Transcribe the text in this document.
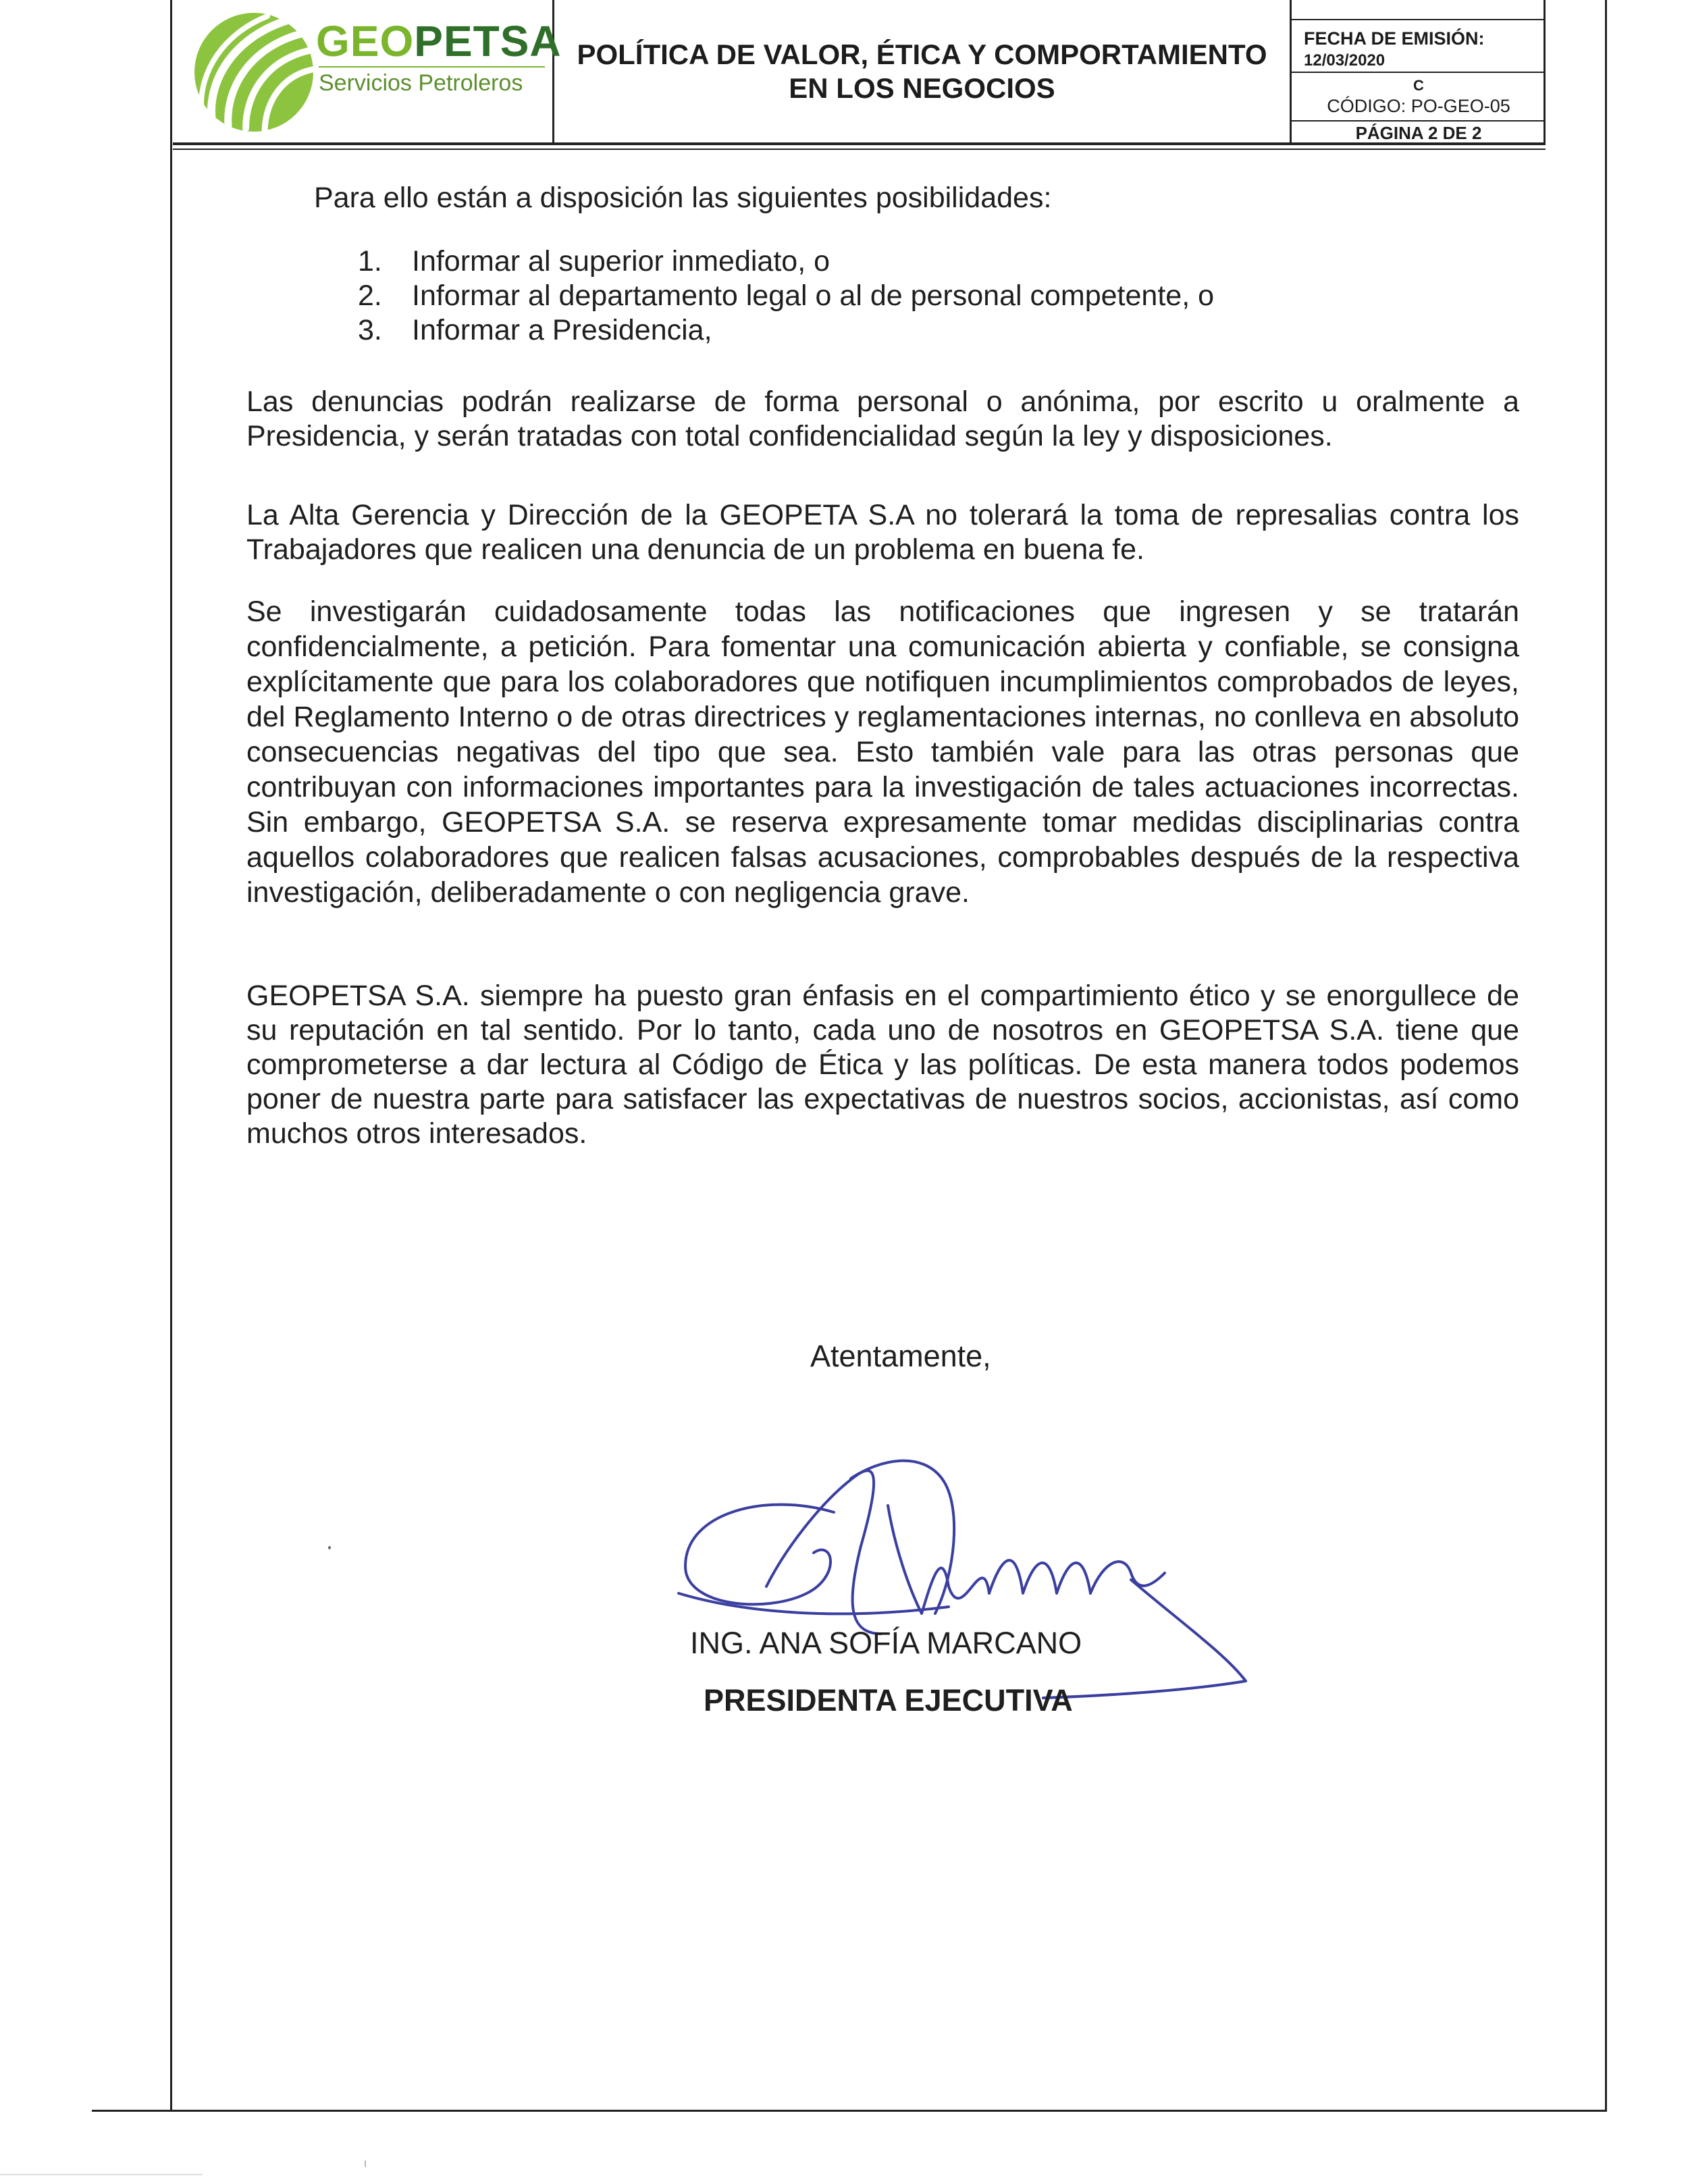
GEOPETSA
Servicios Petroleros
POLÍTICA DE VALOR, ÉTICA Y COMPORTAMIENTO
EN LOS NEGOCIOS
FECHA DE EMISIÓN:
12/03/2020
C
CÓDIGO: PO-GEO-05
PÁGINA 2 DE 2
Para ello están a disposición las siguientes posibilidades:
1.	Informar al superior inmediato, o
2.	Informar al departamento legal o al de personal competente, o
3.	Informar a Presidencia,
Las denuncias podrán realizarse de forma personal o anónima, por escrito u oralmente a Presidencia, y serán tratadas con total confidencialidad según la ley y disposiciones.
La Alta Gerencia y Dirección de la GEOPETA S.A no tolerará la toma de represalias contra los Trabajadores que realicen una denuncia de un problema en buena fe.
Se investigarán cuidadosamente todas las notificaciones que ingresen y se tratarán confidencialmente, a petición. Para fomentar una comunicación abierta y confiable, se consigna explícitamente que para los colaboradores que notifiquen incumplimientos comprobados de leyes, del Reglamento Interno o de otras directrices y reglamentaciones internas, no conlleva en absoluto consecuencias negativas del tipo que sea. Esto también vale para las otras personas que contribuyan con informaciones importantes para la investigación de tales actuaciones incorrectas. Sin embargo, GEOPETSA S.A. se reserva expresamente tomar medidas disciplinarias contra aquellos colaboradores que realicen falsas acusaciones, comprobables después de la respectiva investigación, deliberadamente o con negligencia grave.
GEOPETSA S.A. siempre ha puesto gran énfasis en el compartimiento ético y se enorgullece de su reputación en tal sentido. Por lo tanto, cada uno de nosotros en GEOPETSA S.A. tiene que comprometerse a dar lectura al Código de Ética y las políticas. De esta manera todos podemos poner de nuestra parte para satisfacer las expectativas de nuestros socios, accionistas, así como muchos otros interesados.
Atentamente,
ING. ANA SOFÍA MARCANO
PRESIDENTA EJECUTIVA
